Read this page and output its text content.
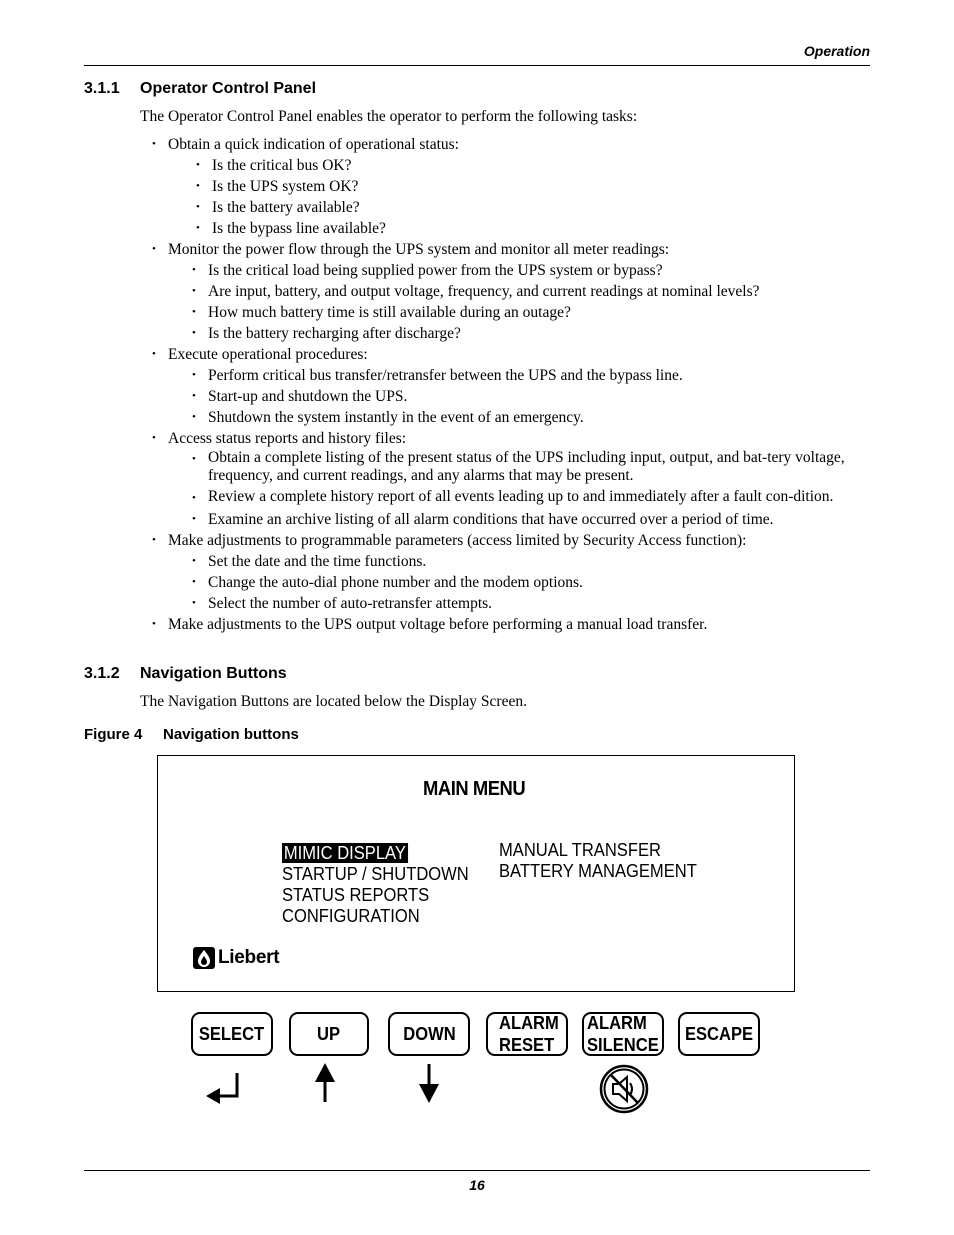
Operation
3.1.1 Operator Control Panel
The Operator Control Panel enables the operator to perform the following tasks:
• Obtain a quick indication of operational status:
• Is the critical bus OK?
• Is the UPS system OK?
• Is the battery available?
• Is the bypass line available?
• Monitor the power flow through the UPS system and monitor all meter readings:
• Is the critical load being supplied power from the UPS system or bypass?
• Are input, battery, and output voltage, frequency, and current readings at nominal levels?
• How much battery time is still available during an outage?
• Is the battery recharging after discharge?
• Execute operational procedures:
• Perform critical bus transfer/retransfer between the UPS and the bypass line.
• Start-up and shutdown the UPS.
• Shutdown the system instantly in the event of an emergency.
• Access status reports and history files:
• Obtain a complete listing of the present status of the UPS including input, output, and bat-tery voltage, frequency, and current readings, and any alarms that may be present.
• Review a complete history report of all events leading up to and immediately after a fault con-dition.
• Examine an archive listing of all alarm conditions that have occurred over a period of time.
• Make adjustments to programmable parameters (access limited by Security Access function):
• Set the date and the time functions.
• Change the auto-dial phone number and the modem options.
• Select the number of auto-retransfer attempts.
• Make adjustments to the UPS output voltage before performing a manual load transfer.
3.1.2 Navigation Buttons
The Navigation Buttons are located below the Display Screen.
Figure 4 Navigation buttons
MAIN MENU
MIMIC DISPLAY
STARTUP / SHUTDOWN
STATUS REPORTS
CONFIGURATION
MANUAL TRANSFER
BATTERY MANAGEMENT
Liebert
SELECT	UP	DOWN
ALARM
RESET
ALARM
SILENCE
ESCAPE
16
